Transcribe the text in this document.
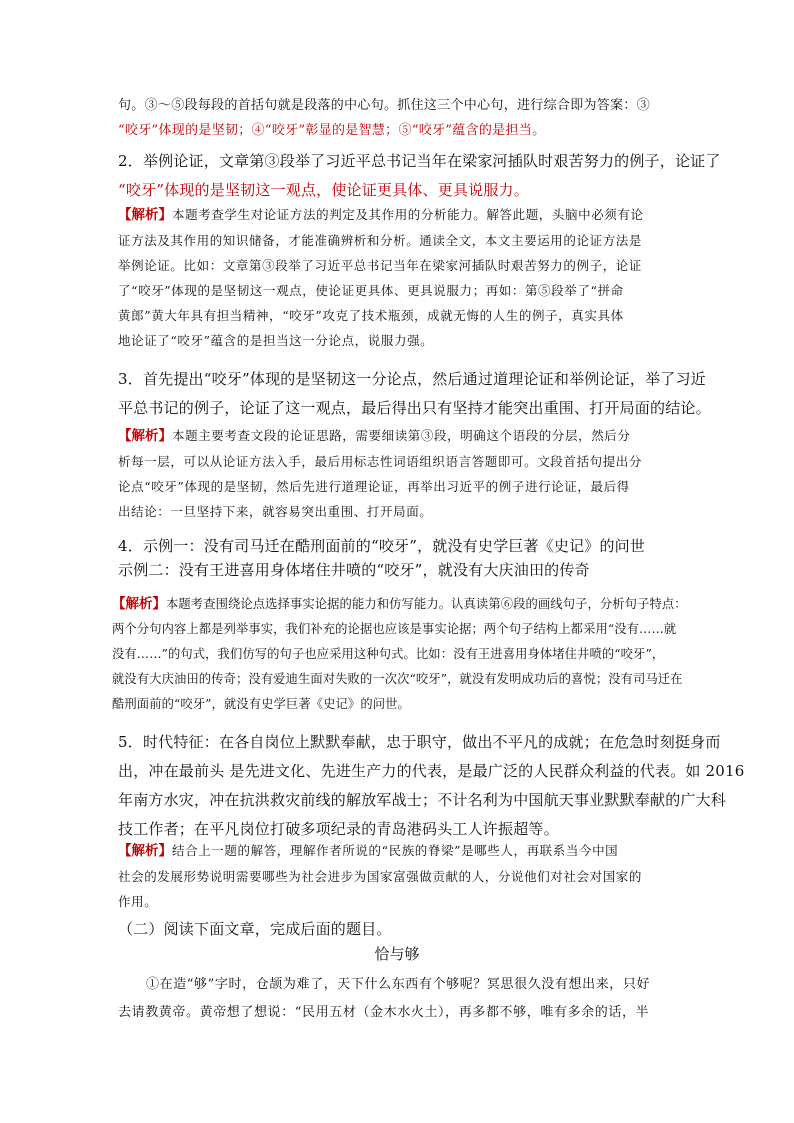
句。③～⑤段每段的首括句就是段落的中心句。抓住这三个中心句，进行综合即为答案：③
“咬牙”体现的是坚韧；④“咬牙”彰显的是智慧；⑤“咬牙”蕴含的是担当。
2．举例论证，文章第③段举了习近平总书记当年在梁家河插队时艰苦努力的例子，论证了
“咬牙”体现的是坚韧这一观点，使论证更具体、更具说服力。
【解析】本题考查学生对论证方法的判定及其作用的分析能力。解答此题，头脑中必须有论
证方法及其作用的知识储备，才能准确辨析和分析。通读全文，本文主要运用的论证方法是
举例论证。比如：文章第③段举了习近平总书记当年在梁家河插队时艰苦努力的例子，论证
了“咬牙”体现的是坚韧这一观点，使论证更具体、更具说服力；再如：第⑤段举了“拼命
黄郎”黄大年具有担当精神，“咬牙”攻克了技术瓶颈，成就无悔的人生的例子，真实具体
地论证了“咬牙”蕴含的是担当这一分论点，说服力强。
3．首先提出“咬牙”体现的是坚韧这一分论点，然后通过道理论证和举例论证，举了习近
平总书记的例子，论证了这一观点，最后得出只有坚持才能突出重围、打开局面的结论。
【解析】本题主要考查文段的论证思路，需要细读第③段，明确这个语段的分层，然后分
析每一层，可以从论证方法入手，最后用标志性词语组织语言答题即可。文段首括句提出分
论点“咬牙”体现的是坚韧，然后先进行道理论证，再举出习近平的例子进行论证，最后得
出结论：一旦坚持下来，就容易突出重围、打开局面。
4．示例一：没有司马迁在酷刑面前的“咬牙”，就没有史学巨著《史记》的问世
示例二：没有王进喜用身体堵住井喷的“咬牙”，就没有大庆油田的传奇
【解析】本题考查围绕论点选择事实论据的能力和仿写能力。认真读第⑥段的画线句子，分析句子特点：
两个分句内容上都是列举事实，我们补充的论据也应该是事实论据；两个句子结构上都采用“没有……就
没有……”的句式，我们仿写的句子也应采用这种句式。比如：没有王进喜用身体堵住井喷的“咬牙”，
就没有大庆油田的传奇；没有爱迪生面对失败的一次次“咬牙”，就没有发明成功后的喜悦；没有司马迁在
酷刑面前的“咬牙”，就没有史学巨著《史记》的问世。
5．时代特征：在各自岗位上默默奉献，忠于职守，做出不平凡的成就；在危急时刻挺身而
出，冲在最前头 是先进文化、先进生产力的代表，是最广泛的人民群众利益的代表。如 2016
年南方水灾，冲在抗洪救灾前线的解放军战士；不计名利为中国航天事业默默奉献的广大科
技工作者；在平凡岗位打破多项纪录的青岛港码头工人许振超等。
【解析】结合上一题的解答，理解作者所说的“民族的脊梁”是哪些人，再联系当今中国
社会的发展形势说明需要哪些为社会进步为国家富强做贡献的人，分说他们对社会对国家的
作用。
（二）阅读下面文章，完成后面的题目。
恰与够
①在造“够”字时，仓颉为难了，天下什么东西有个够呢？冥思很久没有想出来，只好
去请教黄帝。黄帝想了想说：“民用五材（金木水火土），再多都不够，唯有多余的话，半
